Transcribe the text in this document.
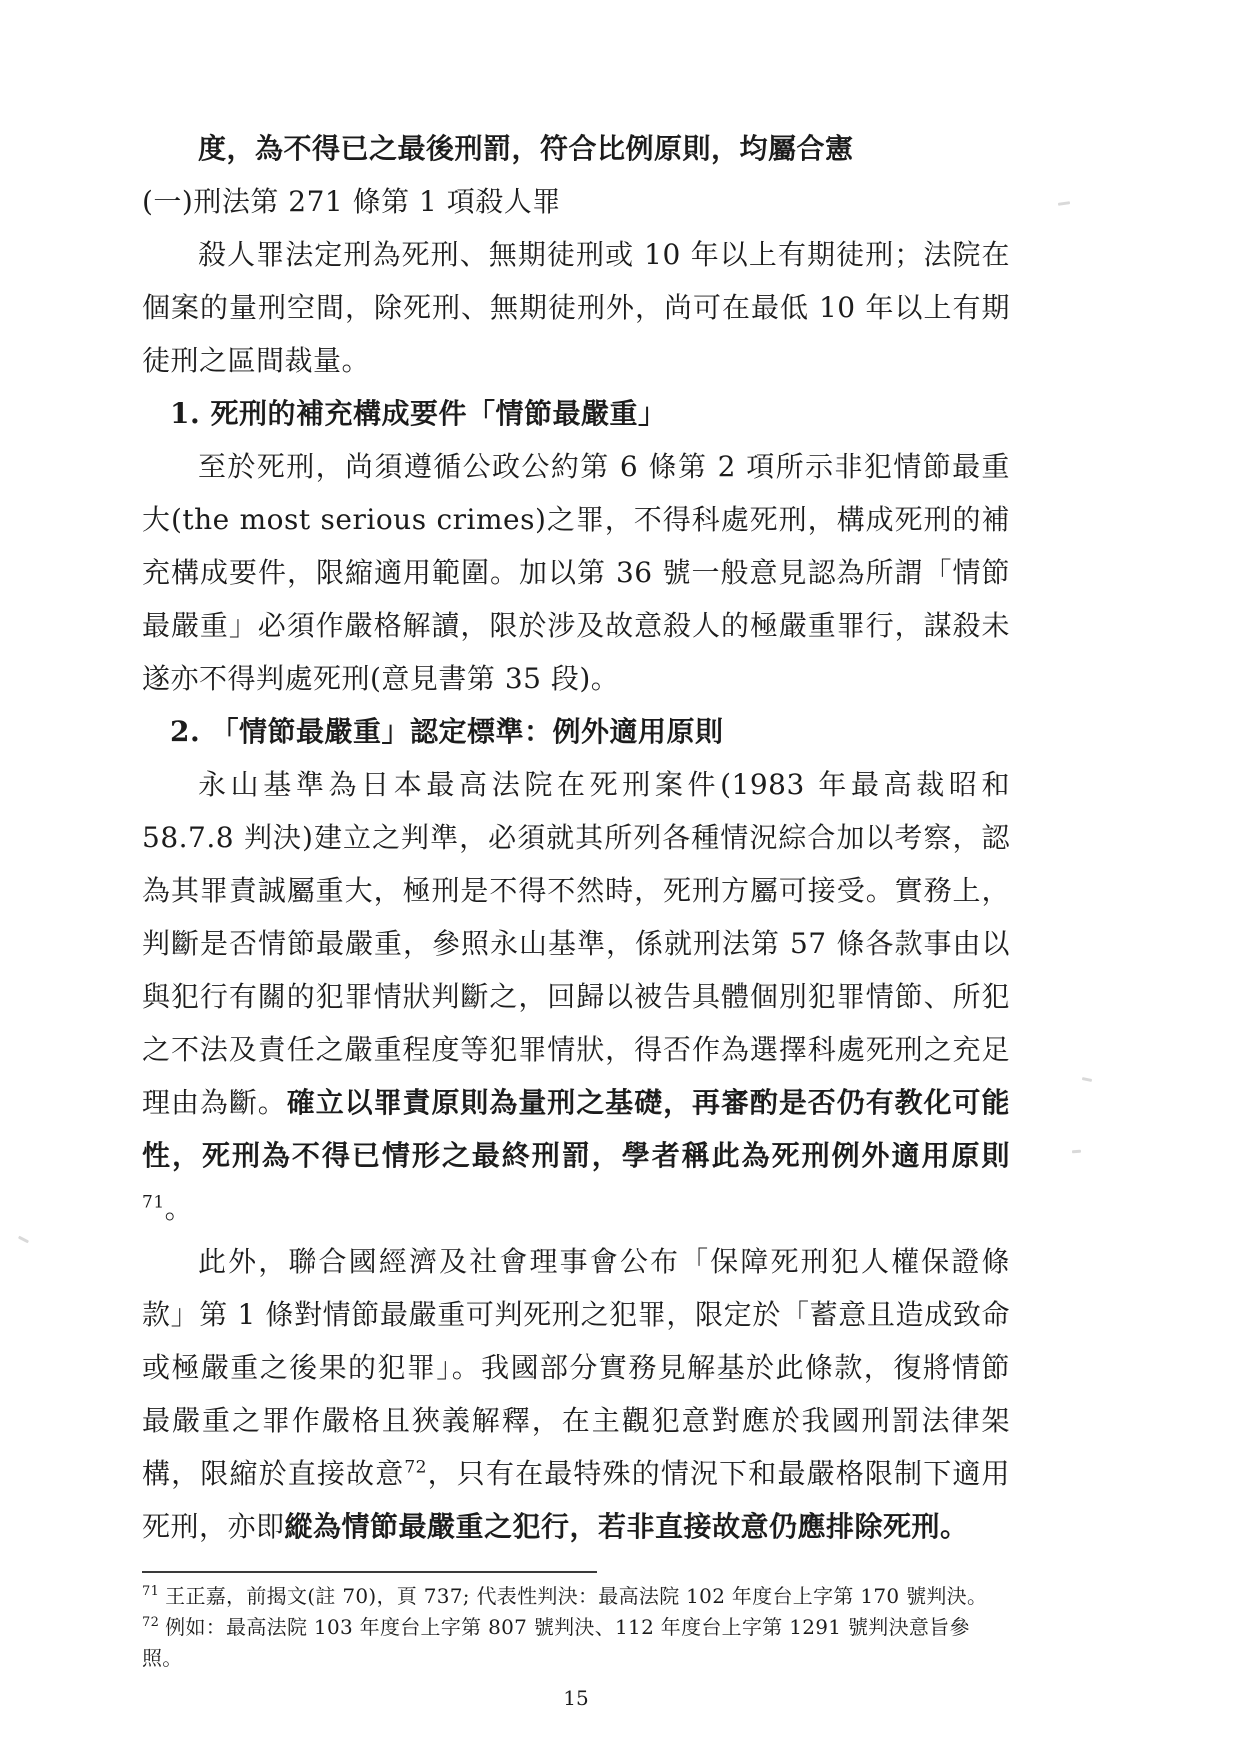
度，為不得已之最後刑罰，符合比例原則，均屬合憲

(一)刑法第 271 條第 1 項殺人罪

殺人罪法定刑為死刑、無期徒刑或 10 年以上有期徒刑；法院在個案的量刑空間，除死刑、無期徒刑外，尚可在最低 10 年以上有期徒刑之區間裁量。

1. 死刑的補充構成要件「情節最嚴重」

至於死刑，尚須遵循公政公約第 6 條第 2 項所示非犯情節最重大(the most serious crimes)之罪，不得科處死刑，構成死刑的補充構成要件，限縮適用範圍。加以第 36 號一般意見認為所謂「情節最嚴重」必須作嚴格解讀，限於涉及故意殺人的極嚴重罪行，謀殺未遂亦不得判處死刑(意見書第 35 段)。

2. 「情節最嚴重」認定標準：例外適用原則

永山基準為日本最高法院在死刑案件(1983 年最高裁昭和 58.7.8 判決)建立之判準，必須就其所列各種情況綜合加以考察，認為其罪責誠屬重大，極刑是不得不然時，死刑方屬可接受。實務上，判斷是否情節最嚴重，參照永山基準，係就刑法第 57 條各款事由以與犯行有關的犯罪情狀判斷之，回歸以被告具體個別犯罪情節、所犯之不法及責任之嚴重程度等犯罪情狀，得否作為選擇科處死刑之充足理由為斷。確立以罪責原則為量刑之基礎，再審酌是否仍有教化可能性，死刑為不得已情形之最終刑罰，學者稱此為死刑例外適用原則$^{71}$。

此外，聯合國經濟及社會理事會公布「保障死刑犯人權保證條款」第 1 條對情節最嚴重可判死刑之犯罪，限定於「蓄意且造成致命或極嚴重之後果的犯罪」。我國部分實務見解基於此條款，復將情節最嚴重之罪作嚴格且狹義解釋，在主觀犯意對應於我國刑罰法律架構，限縮於直接故意$^{72}$，只有在最特殊的情況下和最嚴格限制下適用死刑，亦即縱為情節最嚴重之犯行，若非直接故意仍應排除死刑。

$^{71}$ 王正嘉，前揭文(註 70)，頁 737; 代表性判決：最高法院 102 年度台上字第 170 號判決。

$^{72}$ 例如：最高法院 103 年度台上字第 807 號判決、112 年度台上字第 1291 號判決意旨參照。

15
